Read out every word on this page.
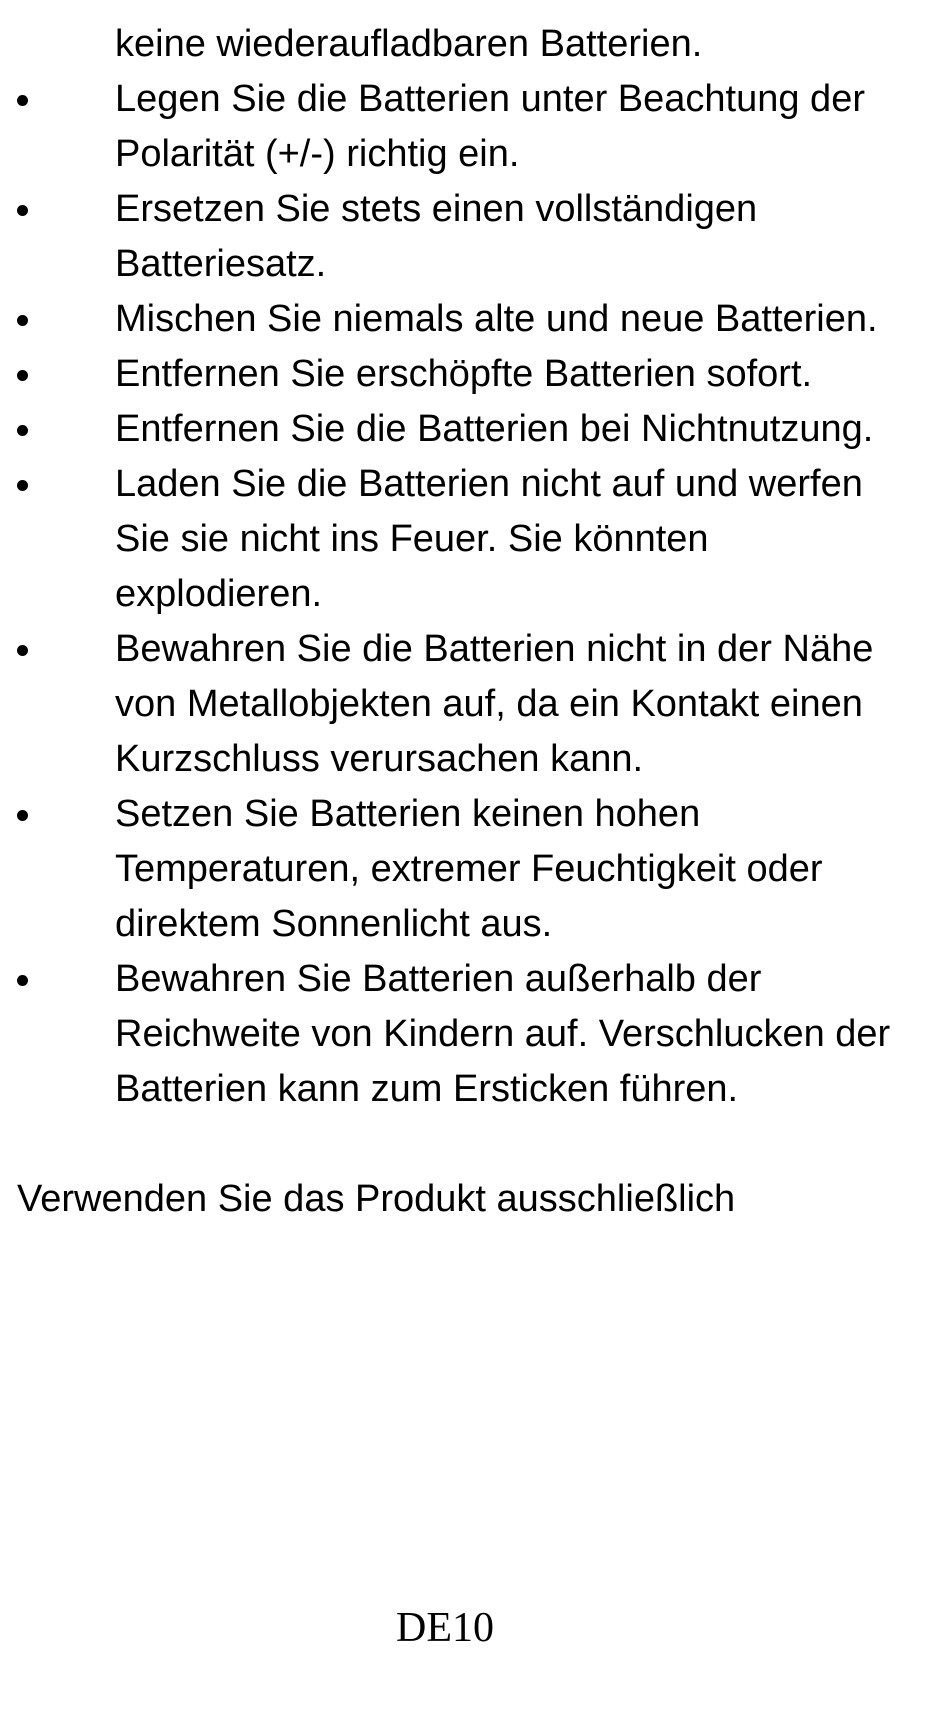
keine wiederaufladbaren Batterien.
Legen Sie die Batterien unter Beachtung der Polarität (+/-) richtig ein.
Ersetzen Sie stets einen vollständigen Batteriesatz.
Mischen Sie niemals alte und neue Batterien.
Entfernen Sie erschöpfte Batterien sofort.
Entfernen Sie die Batterien bei Nichtnutzung.
Laden Sie die Batterien nicht auf und werfen Sie sie nicht ins Feuer. Sie könnten explodieren.
Bewahren Sie die Batterien nicht in der Nähe von Metallobjekten auf, da ein Kontakt einen Kurzschluss verursachen kann.
Setzen Sie Batterien keinen hohen Temperaturen, extremer Feuchtigkeit oder direktem Sonnenlicht aus.
Bewahren Sie Batterien außerhalb der Reichweite von Kindern auf. Verschlucken der Batterien kann zum Ersticken führen.
Verwenden Sie das Produkt ausschließlich
DE10
